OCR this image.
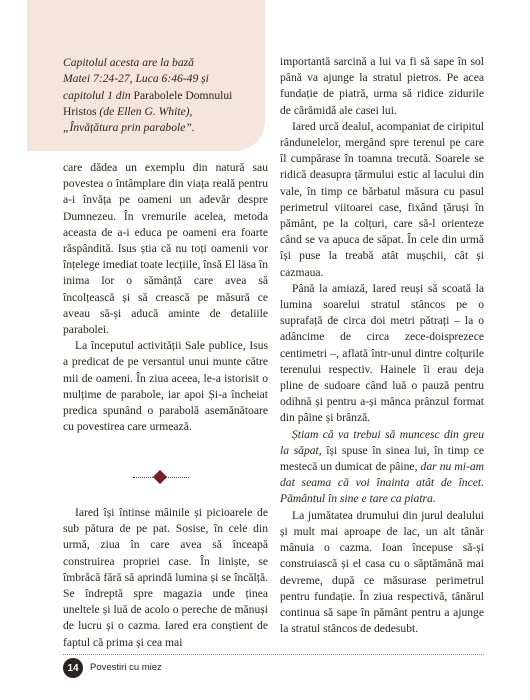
Capitolul acesta are la bază
Matei 7:24-27, Luca 6:46-49 și
capitolul 1 din Parabolele Domnului
Hristos (de Ellen G. White),
„Învățătura prin parabole”.

care dădea un exemplu din natură sau povestea o întâmplare din viața reală pentru a-i învăța pe oameni un adevăr despre Dumnezeu. În vremurile acelea, metoda aceasta de a-i educa pe oameni era foarte răspândită. Isus știa că nu toți oamenii vor înțelege imediat toate lecțiile, însă El läsa în inima lor o sămânță care avea să încolțească și să crească pe măsură ce aveau să-și aducă aminte de detaliile parabolei.

La începutul activității Sale publice, Isus a predicat de pe versantul unui munte către mii de oameni. În ziua aceea, le-a istorisit o mulțime de parabole, iar apoi Și-a încheiat predica spunând o parabolă asemănătoare cu povestirea care urmează.

Iared își întinse mâinile și picioarele de sub pătura de pe pat. Sosise, în cele din urmă, ziua în care avea să înceapă construirea propriei case. În liniște, se îmbrăcă fără să aprindă lumina și se încălță. Se îndreptă spre magazia unde ținea uneltele și luă de acolo o pereche de mănuși de lucru și o cazma. Iared era conștient de faptul că prima și cea mai

importantă sarcină a lui va fi să sape în sol până va ajunge la stratul pietros. Pe acea fundație de piatră, urma să ridice zidurile de cărămidă ale casei lui.

Iared urcă dealul, acompaniat de ciripitul rândunelelor, mergând spre terenul pe care îl cumpărase în toamna trecută. Soarele se ridică deasupra țărmului estic al lacului din vale, în timp ce bărbatul măsura cu pasul perimetrul viitoarei case, fixând țăruși în pământ, pe la colțuri, care să-l orienteze când se va apuca de săpat. În cele din urmă își puse la treabă atât mușchii, cât și cazmaua.

Până la amiază, Iared reuși să scoată la lumina soarelui stratul stâncos pe o suprafață de circa doi metri pătrați – la o adâncime de circa zece-doisprezece centimetri –, aflată într-unul dintre colțurile terenului respectiv. Hainele îi erau deja pline de sudoare când luă o pauză pentru odihnă și pentru a-și mânca prânzul format din pâine și brânză.

Știam că va trebui să muncesc din greu la săpat, își spuse în sinea lui, în timp ce mestecă un dumicat de pâine, dar nu mi-am dat seama că voi înainta atât de încet. Pământul în sine e tare ca piatra.

La jumătatea drumului din jurul dealului și mult mai aproape de lac, un alt tânăr mânuia o cazma. Ioan începuse să-și construiască și el casa cu o săptămână mai devreme, după ce măsurase perimetrul pentru fundație. În ziua respectivă, tânărul continua să sape în pământ pentru a ajunge la stratul stâncos de dedesubt.

14	Povestiri cu miez
